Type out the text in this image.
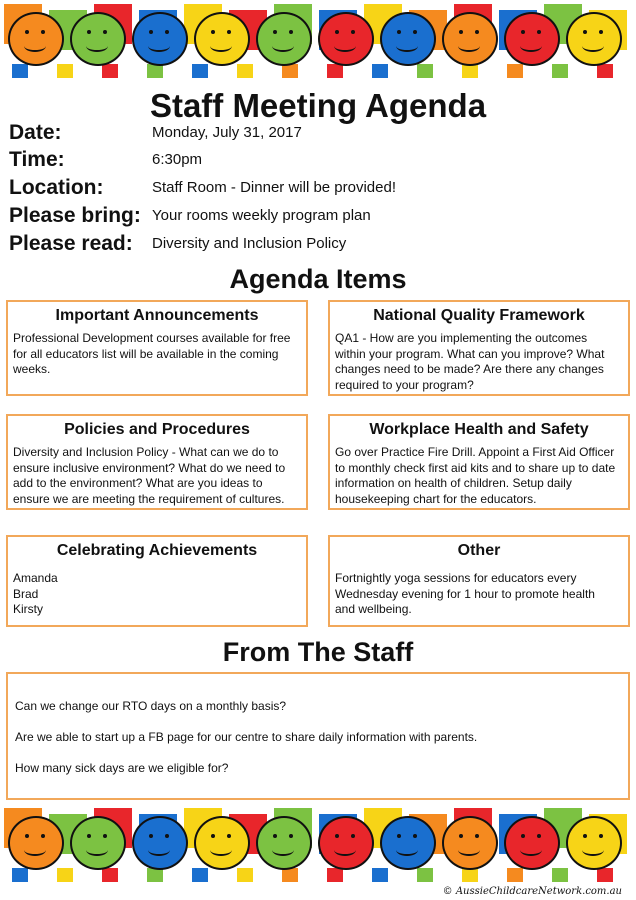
Staff Meeting Agenda
Date:	Monday, July 31, 2017
Time:	6:30pm
Location:	Staff Room - Dinner will be provided!
Please bring: Your rooms weekly program plan
Please read: Diversity and Inclusion Policy
Agenda Items
Important Announcements
Professional Development courses available for free
for all educators list will be available in the coming
weeks.
National Quality Framework
QA1 - How are you implementing the outcomes
within your program. What can you improve? What
changes need to be made? Are there any changes
required to your program?
Policies and Procedures
Diversity and Inclusion Policy - What can we do to
ensure inclusive environment? What do we need to
add to the environment? What are you ideas to
ensure we are meeting the requirement of cultures.
Workplace Health and Safety
Go over Practice Fire Drill. Appoint a First Aid Officer
to monthly check first aid kits and to share up to date
information on health of children. Setup daily
housekeeping chart for the educators.
Celebrating Achievements
Amanda
Brad
Kirsty
Other
Fortnightly yoga sessions for educators every
Wednesday evening for 1 hour to promote health
and wellbeing.
From The Staff
Can we change our RTO days on a monthly basis?
Are we able to start up a FB page for our centre to share daily information with parents.
How many sick days are we eligible for?
© AussieChildcareNetwork.com.au
